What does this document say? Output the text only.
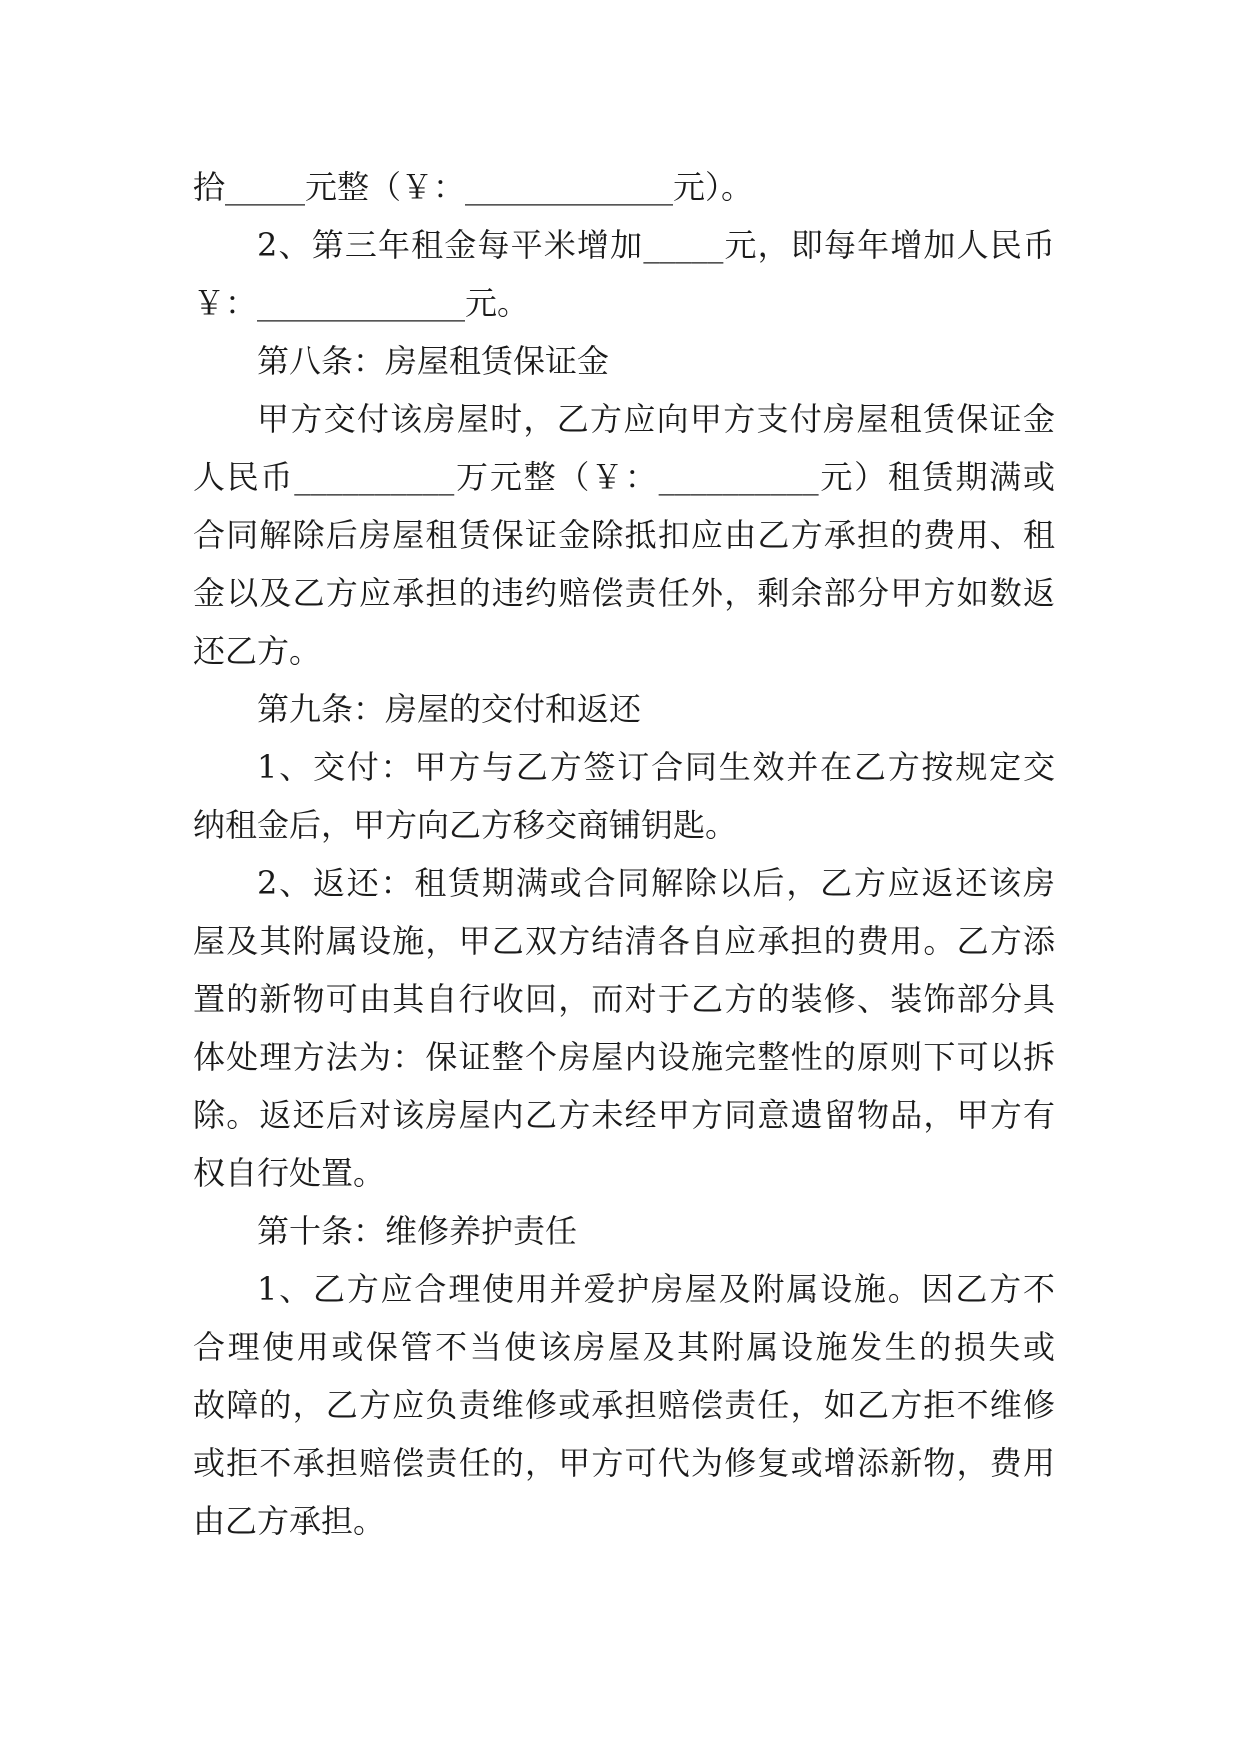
拾_____元整（￥：_____________元）。
2、第三年租金每平米增加_____元，即每年增加人民币
￥：_____________元。
第八条：房屋租赁保证金
甲方交付该房屋时，乙方应向甲方支付房屋租赁保证金
人民币__________万元整（￥：__________元）租赁期满或
合同解除后房屋租赁保证金除抵扣应由乙方承担的费用、租
金以及乙方应承担的违约赔偿责任外，剩余部分甲方如数返
还乙方。
第九条：房屋的交付和返还
1、交付：甲方与乙方签订合同生效并在乙方按规定交
纳租金后，甲方向乙方移交商铺钥匙。
2、返还：租赁期满或合同解除以后，乙方应返还该房
屋及其附属设施，甲乙双方结清各自应承担的费用。乙方添
置的新物可由其自行收回，而对于乙方的装修、装饰部分具
体处理方法为：保证整个房屋内设施完整性的原则下可以拆
除。返还后对该房屋内乙方未经甲方同意遗留物品，甲方有
权自行处置。
第十条：维修养护责任
1、乙方应合理使用并爱护房屋及附属设施。因乙方不
合理使用或保管不当使该房屋及其附属设施发生的损失或
故障的，乙方应负责维修或承担赔偿责任，如乙方拒不维修
或拒不承担赔偿责任的，甲方可代为修复或增添新物，费用
由乙方承担。
